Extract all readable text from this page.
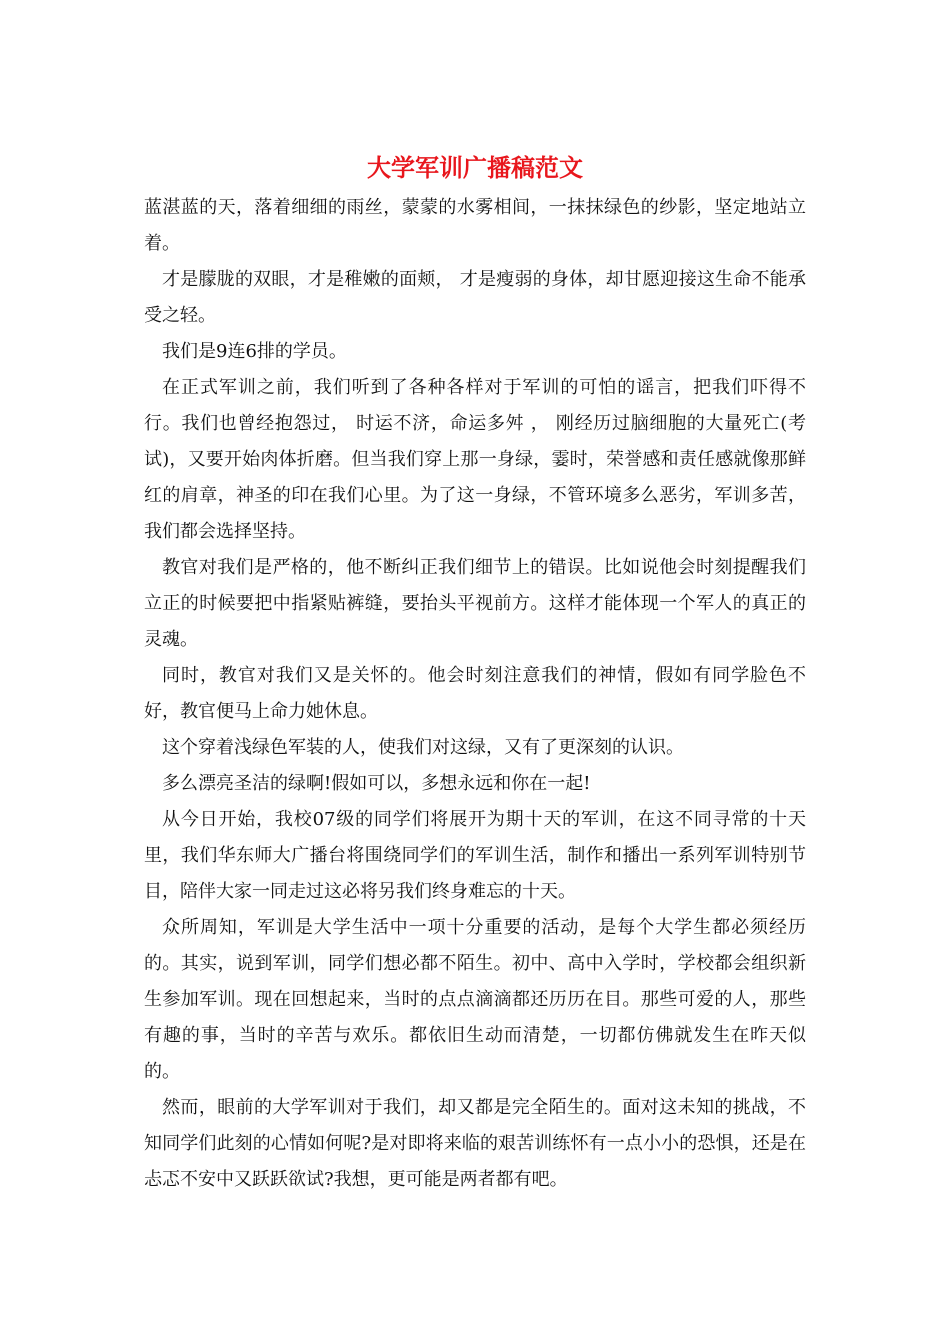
大学军训广播稿范文

蓝湛蓝的天，落着细细的雨丝，蒙蒙的水雾相间，一抹抹绿色的纱影，坚定地站立着。

才是朦胧的双眼，才是稚嫩的面颊， 才是瘦弱的身体，却甘愿迎接这生命不能承受之轻。

我们是9连6排的学员。

在正式军训之前，我们听到了各种各样对于军训的可怕的谣言，把我们吓得不行。我们也曾经抱怨过， 时运不济，命运多舛 ， 刚经历过脑细胞的大量死亡(考试)，又要开始肉体折磨。但当我们穿上那一身绿，霎时，荣誉感和责任感就像那鲜红的肩章，神圣的印在我们心里。为了这一身绿，不管环境多么恶劣，军训多苦，我们都会选择坚持。

教官对我们是严格的，他不断纠正我们细节上的错误。比如说他会时刻提醒我们立正的时候要把中指紧贴裤缝，要抬头平视前方。这样才能体现一个军人的真正的灵魂。

同时，教官对我们又是关怀的。他会时刻注意我们的神情，假如有同学脸色不好，教官便马上命力她休息。

这个穿着浅绿色军装的人，使我们对这绿，又有了更深刻的认识。

多么漂亮圣洁的绿啊!假如可以，多想永远和你在一起!

从今日开始，我校07级的同学们将展开为期十天的军训，在这不同寻常的十天里，我们华东师大广播台将围绕同学们的军训生活，制作和播出一系列军训特别节目，陪伴大家一同走过这必将另我们终身难忘的十天。

众所周知，军训是大学生活中一项十分重要的活动，是每个大学生都必须经历的。其实，说到军训，同学们想必都不陌生。初中、高中入学时，学校都会组织新生参加军训。现在回想起来，当时的点点滴滴都还历历在目。那些可爱的人，那些有趣的事，当时的辛苦与欢乐。都依旧生动而清楚，一切都仿佛就发生在昨天似的。

然而，眼前的大学军训对于我们，却又都是完全陌生的。面对这未知的挑战，不知同学们此刻的心情如何呢?是对即将来临的艰苦训练怀有一点小小的恐惧，还是在忐忑不安中又跃跃欲试?我想，更可能是两者都有吧。
